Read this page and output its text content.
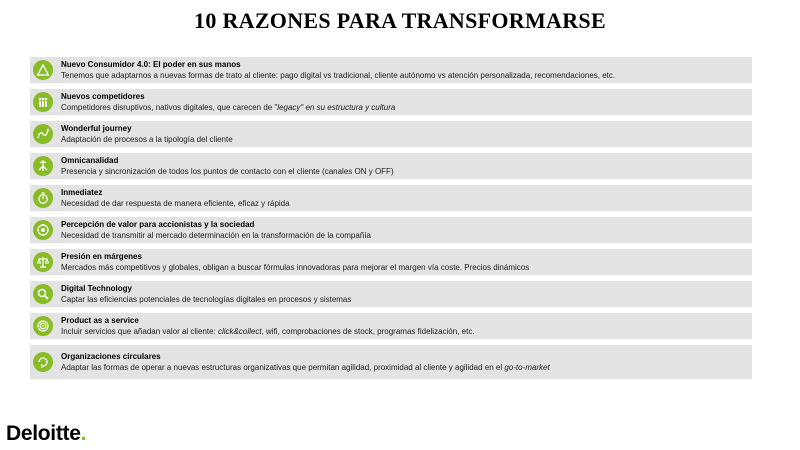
10 RAZONES PARA TRANSFORMARSE
Nuevo Consumidor 4.0: El poder en sus manos
Tenemos que adaptarnos a nuevas formas de trato al cliente: pago digital vs tradicional, cliente autónomo vs atención personalizada, recomendaciones, etc.
Nuevos competidores
Competidores disruptivos, nativos digitales, que carecen de "legacy" en su estructura y cultura
Wonderful journey
Adaptación de procesos a la tipología del cliente
Omnicanalidad
Presencia y sincronización de todos los puntos de contacto con el cliente (canales ON y OFF)
Inmediatez
Necesidad de dar respuesta de manera eficiente, eficaz y rápida
Percepción de valor para accionistas y la sociedad
Necesidad de transmitir al mercado determinación en la transformación de la compañía
Presión en márgenes
Mercados más competitivos y globales, obligan a buscar fórmulas innovadoras para mejorar el margen vía coste. Precios dinámicos
Digital Technology
Captar las eficiencias potenciales de tecnologías digitales en procesos y sistemas
Product as a service
Incluir servicios que añadan valor al cliente: click&collect, wifi, comprobaciones de stock, programas fidelización, etc.
Organizaciones circulares
Adaptar las formas de operar a nuevas estructuras organizativas que permitan agilidad, proximidad al cliente y agilidad en el go-to-market
Deloitte.
